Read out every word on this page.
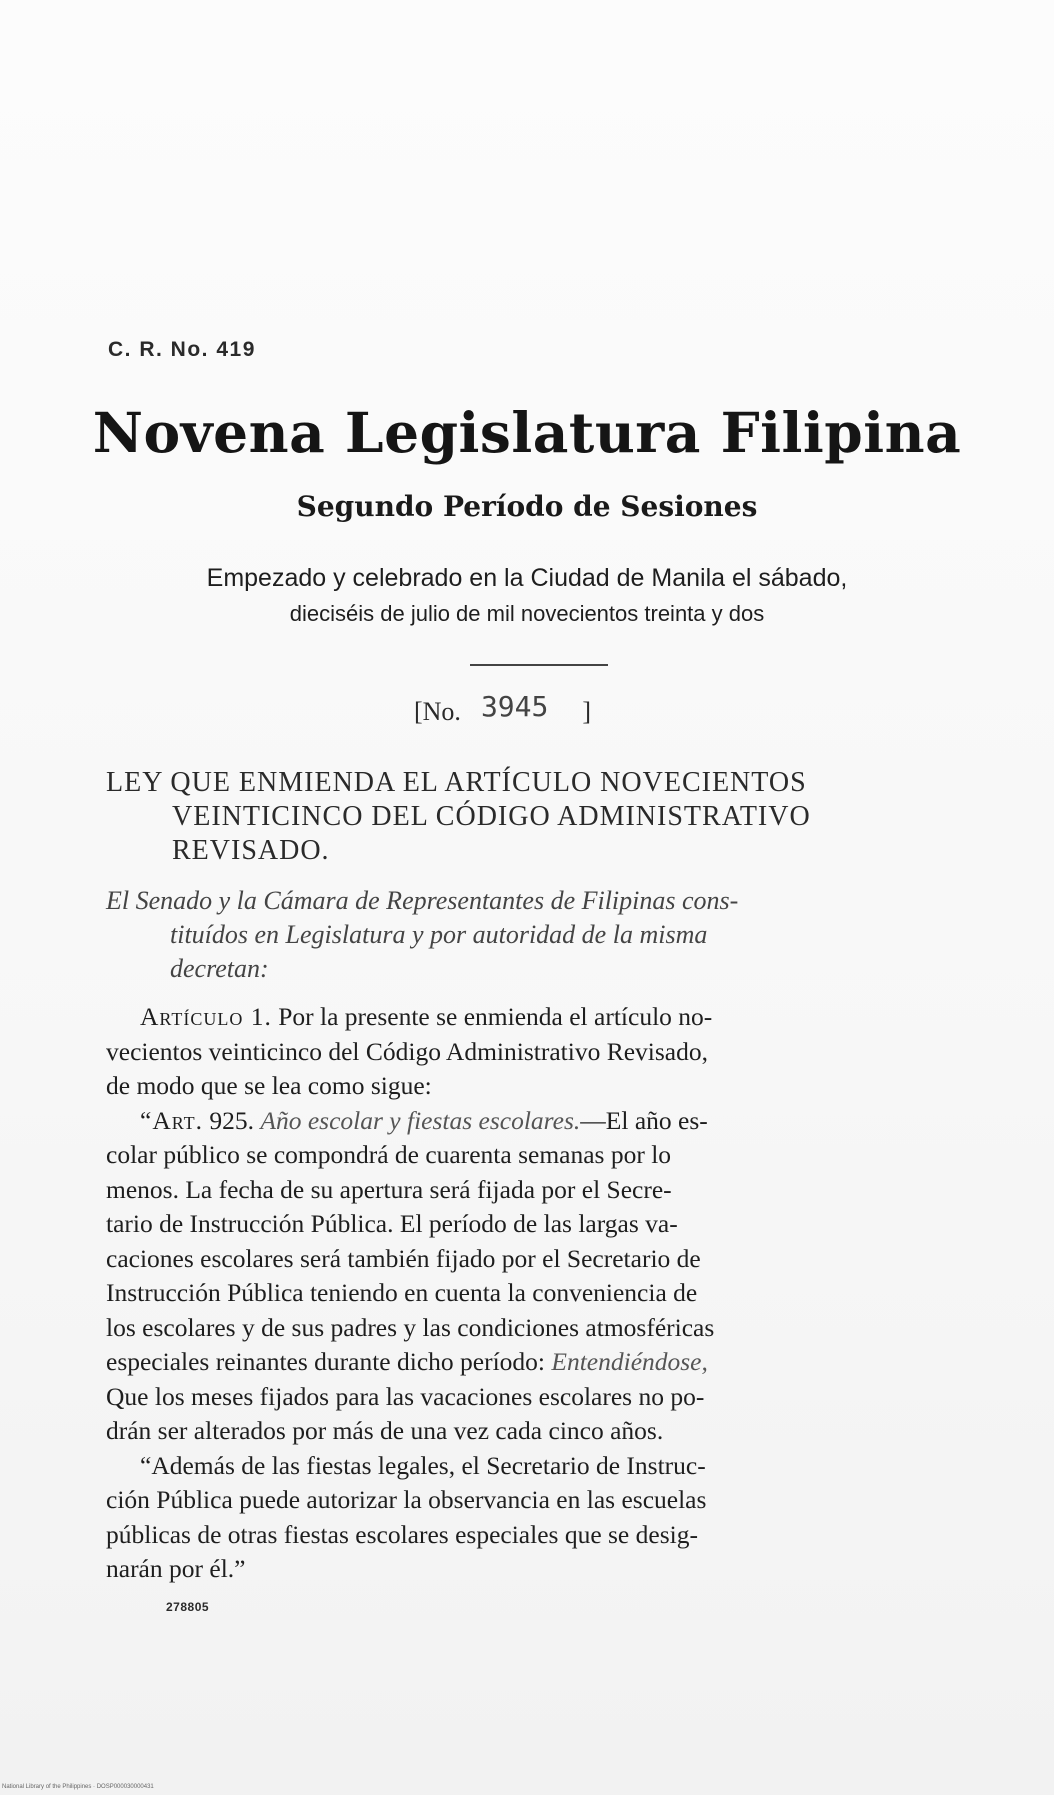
C. R. No. 419
Novena Legislatura Filipina
Segundo Período de Sesiones
Empezado y celebrado en la Ciudad de Manila el sábado,
dieciséis de julio de mil novecientos treinta y dos
[No. 3945 ]
LEY QUE ENMIENDA EL ARTÍCULO NOVECIENTOS
VEINTICINCO DEL CÓDIGO ADMINISTRATIVO
REVISADO.
El Senado y la Cámara de Representantes de Filipinas cons-
tituídos en Legislatura y por autoridad de la misma
decretan:
Artículo 1. Por la presente se enmienda el artículo no-
vecientos veinticinco del Código Administrativo Revisado,
de modo que se lea como sigue:
“Art. 925. Año escolar y fiestas escolares.—El año es-
colar público se compondrá de cuarenta semanas por lo
menos. La fecha de su apertura será fijada por el Secre-
tario de Instrucción Pública. El período de las largas va-
caciones escolares será también fijado por el Secretario de
Instrucción Pública teniendo en cuenta la conveniencia de
los escolares y de sus padres y las condiciones atmosféricas
especiales reinantes durante dicho período: Entendiéndose,
Que los meses fijados para las vacaciones escolares no po-
drán ser alterados por más de una vez cada cinco años.
“Además de las fiestas legales, el Secretario de Instruc-
ción Pública puede autorizar la observancia en las escuelas
públicas de otras fiestas escolares especiales que se desig-
narán por él.”
278805
National Library of the Philippines · DOSP000030000431
